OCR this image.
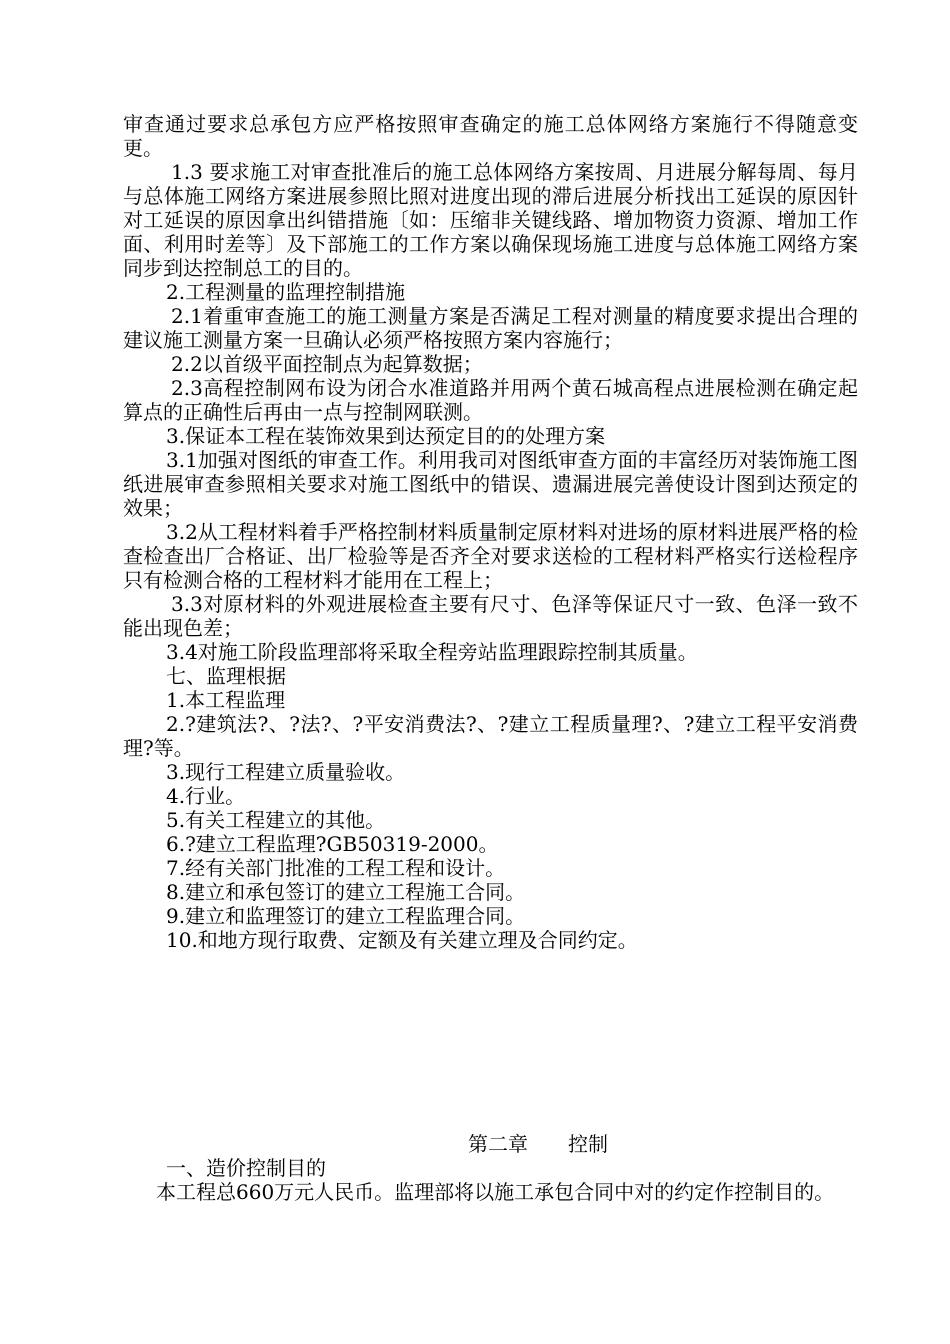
审查通过要求总承包方应严格按照审查确定的施工总体网络方案施行不得随意变更。

1.3 要求施工对审查批准后的施工总体网络方案按周、月进展分解每周、每月与总体施工网络方案进展参照比照对进度出现的滞后进展分析找出工延误的原因针对工延误的原因拿出纠错措施〔如：压缩非关键线路、增加物资力资源、增加工作面、利用时差等〕及下部施工的工作方案以确保现场施工进度与总体施工网络方案同步到达控制总工的目的。

2.工程测量的监理控制措施

2.1着重审查施工的施工测量方案是否满足工程对测量的精度要求提出合理的建议施工测量方案一旦确认必须严格按照方案内容施行；

2.2以首级平面控制点为起算数据；

2.3高程控制网布设为闭合水准道路并用两个黄石城高程点进展检测在确定起算点的正确性后再由一点与控制网联测。

3.保证本工程在装饰效果到达预定目的的处理方案

3.1加强对图纸的审查工作。利用我司对图纸审查方面的丰富经历对装饰施工图纸进展审查参照相关要求对施工图纸中的错误、遗漏进展完善使设计图到达预定的效果；

3.2从工程材料着手严格控制材料质量制定原材料对进场的原材料进展严格的检查检查出厂合格证、出厂检验等是否齐全对要求送检的工程材料严格实行送检程序只有检测合格的工程材料才能用在工程上；

3.3对原材料的外观进展检查主要有尺寸、色泽等保证尺寸一致、色泽一致不能出现色差；

3.4对施工阶段监理部将采取全程旁站监理跟踪控制其质量。

七、监理根据

1.本工程监理

2.?建筑法?、?法?、?平安消费法?、?建立工程质量理?、?建立工程平安消费理?等。

3.现行工程建立质量验收。

4.行业。

5.有关工程建立的其他。

6.?建立工程监理?GB50319-2000。

7.经有关部门批准的工程工程和设计。

8.建立和承包签订的建立工程施工合同。

9.建立和监理签订的建立工程监理合同。

10.和地方现行取费、定额及有关建立理及合同约定。

第二章 控制

一、造价控制目的

本工程总660万元人民币。监理部将以施工承包合同中对的约定作控制目的。
